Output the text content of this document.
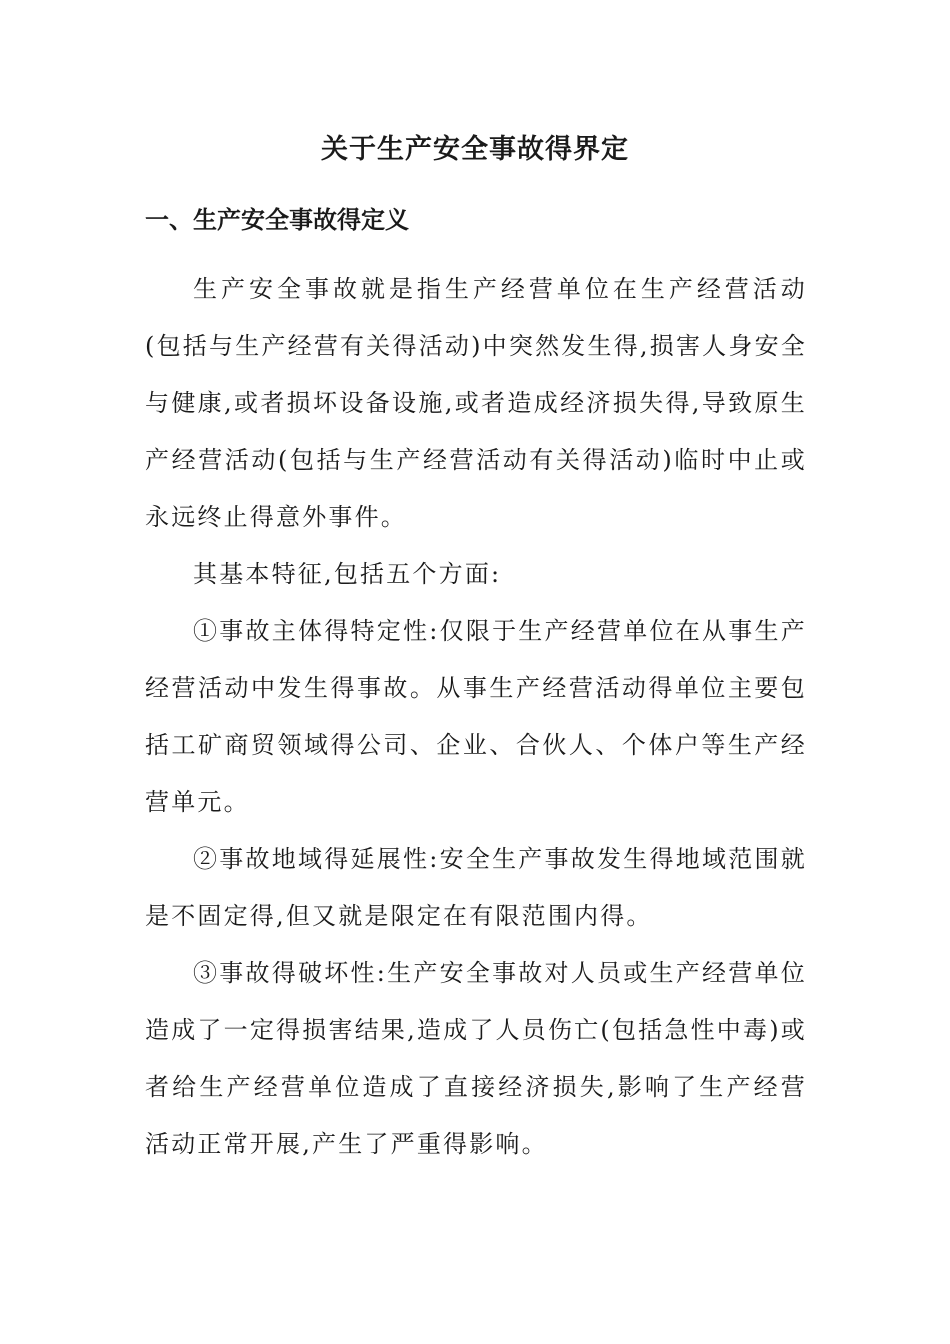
关于生产安全事故得界定
一、生产安全事故得定义

生产安全事故就是指生产经营单位在生产经营活动(包括与生产经营有关得活动)中突然发生得,损害人身安全与健康,或者损坏设备设施,或者造成经济损失得,导致原生产经营活动(包括与生产经营活动有关得活动)临时中止或永远终止得意外事件。

其基本特征,包括五个方面:

①事故主体得特定性:仅限于生产经营单位在从事生产经营活动中发生得事故。从事生产经营活动得单位主要包括工矿商贸领域得公司、企业、合伙人、个体户等生产经营单元。

②事故地域得延展性:安全生产事故发生得地域范围就是不固定得,但又就是限定在有限范围内得。

③事故得破坏性:生产安全事故对人员或生产经营单位造成了一定得损害结果,造成了人员伤亡(包括急性中毒)或者给生产经营单位造成了直接经济损失,影响了生产经营活动正常开展,产生了严重得影响。
